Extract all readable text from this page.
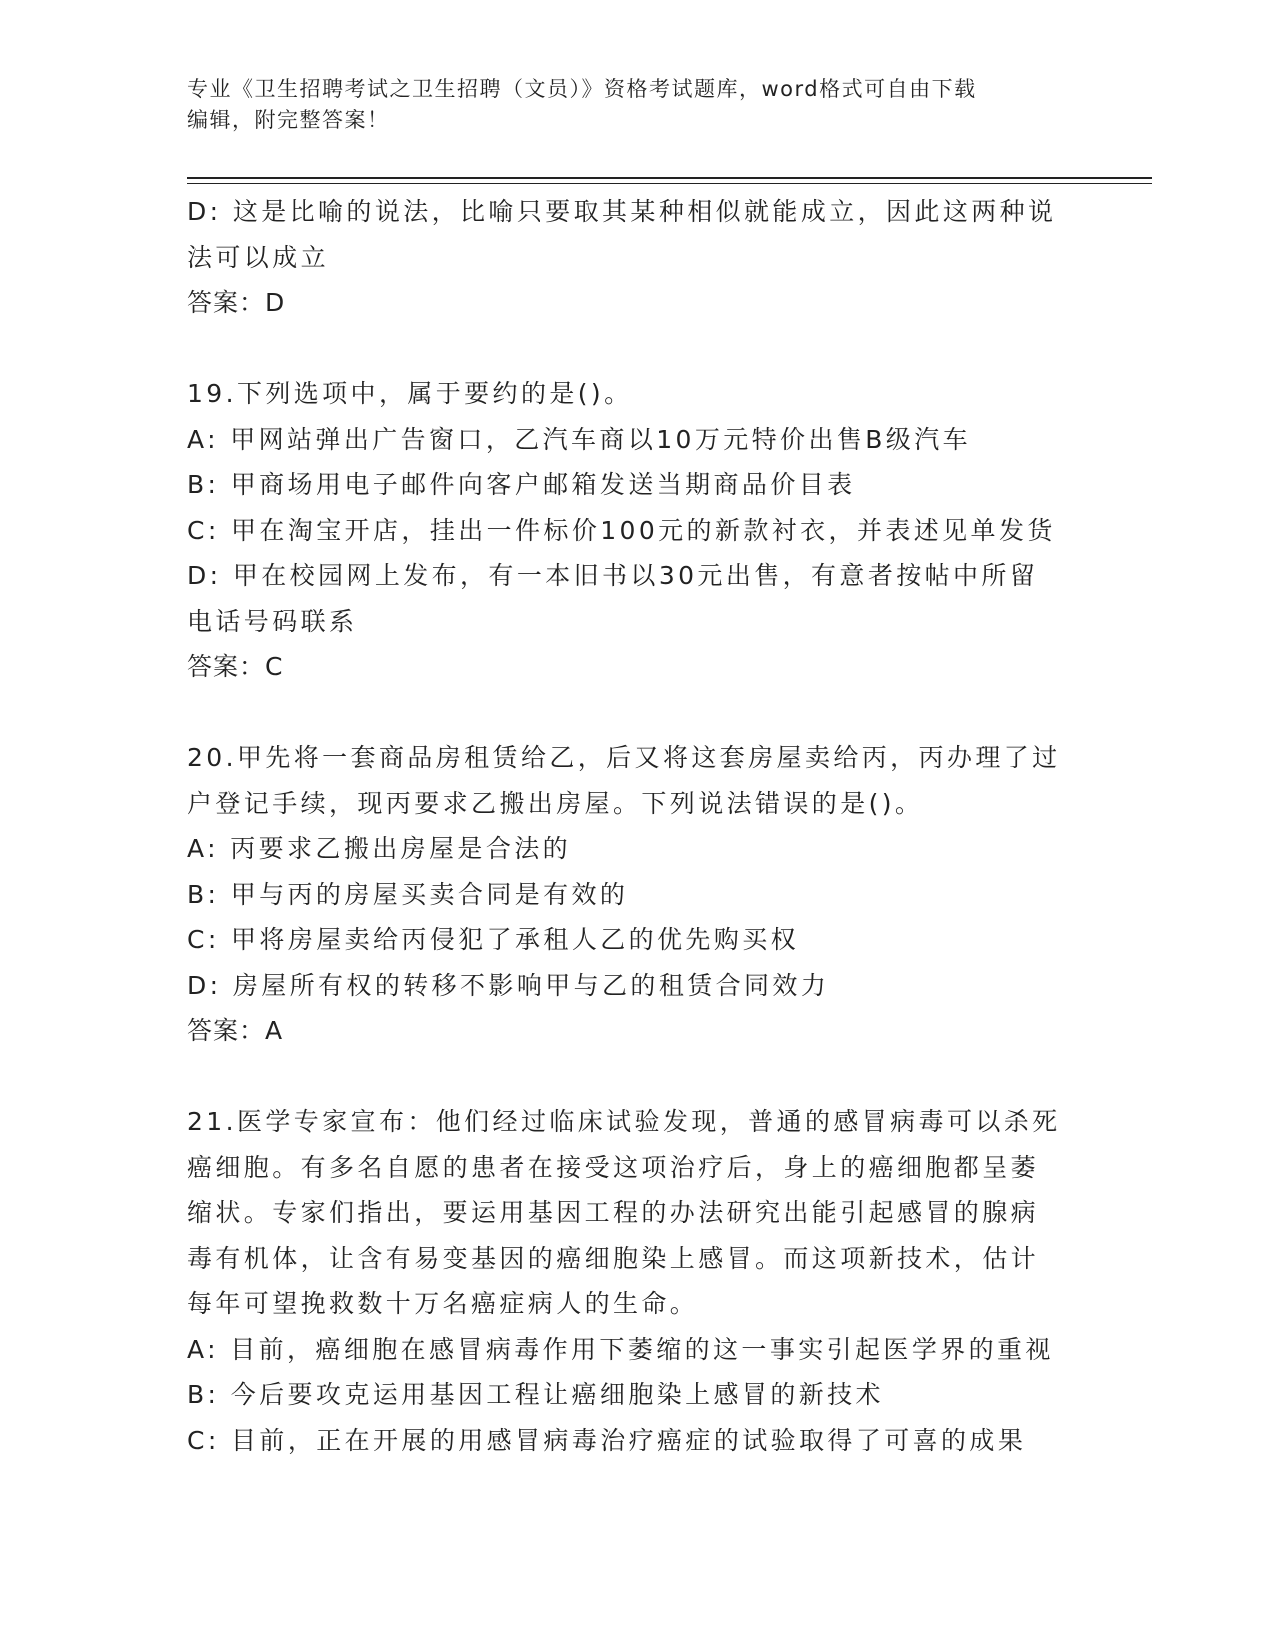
专业《卫生招聘考试之卫生招聘（文员）》资格考试题库，word格式可自由下载
编辑，附完整答案！
D: 这是比喻的说法，比喻只要取其某种相似就能成立，因此这两种说
法可以成立
答案：D
19.下列选项中，属于要约的是()。
A: 甲网站弹出广告窗口，乙汽车商以10万元特价出售B级汽车
B: 甲商场用电子邮件向客户邮箱发送当期商品价目表
C: 甲在淘宝开店，挂出一件标价100元的新款衬衣，并表述见单发货
D: 甲在校园网上发布，有一本旧书以30元出售，有意者按帖中所留
电话号码联系
答案：C
20.甲先将一套商品房租赁给乙，后又将这套房屋卖给丙，丙办理了过
户登记手续，现丙要求乙搬出房屋。下列说法错误的是()。
A: 丙要求乙搬出房屋是合法的
B: 甲与丙的房屋买卖合同是有效的
C: 甲将房屋卖给丙侵犯了承租人乙的优先购买权
D: 房屋所有权的转移不影响甲与乙的租赁合同效力
答案：A
21.医学专家宣布：他们经过临床试验发现，普通的感冒病毒可以杀死
癌细胞。有多名自愿的患者在接受这项治疗后，身上的癌细胞都呈萎
缩状。专家们指出，要运用基因工程的办法研究出能引起感冒的腺病
毒有机体，让含有易变基因的癌细胞染上感冒。而这项新技术，估计
每年可望挽救数十万名癌症病人的生命。
A: 目前，癌细胞在感冒病毒作用下萎缩的这一事实引起医学界的重视
B: 今后要攻克运用基因工程让癌细胞染上感冒的新技术
C: 目前，正在开展的用感冒病毒治疗癌症的试验取得了可喜的成果
